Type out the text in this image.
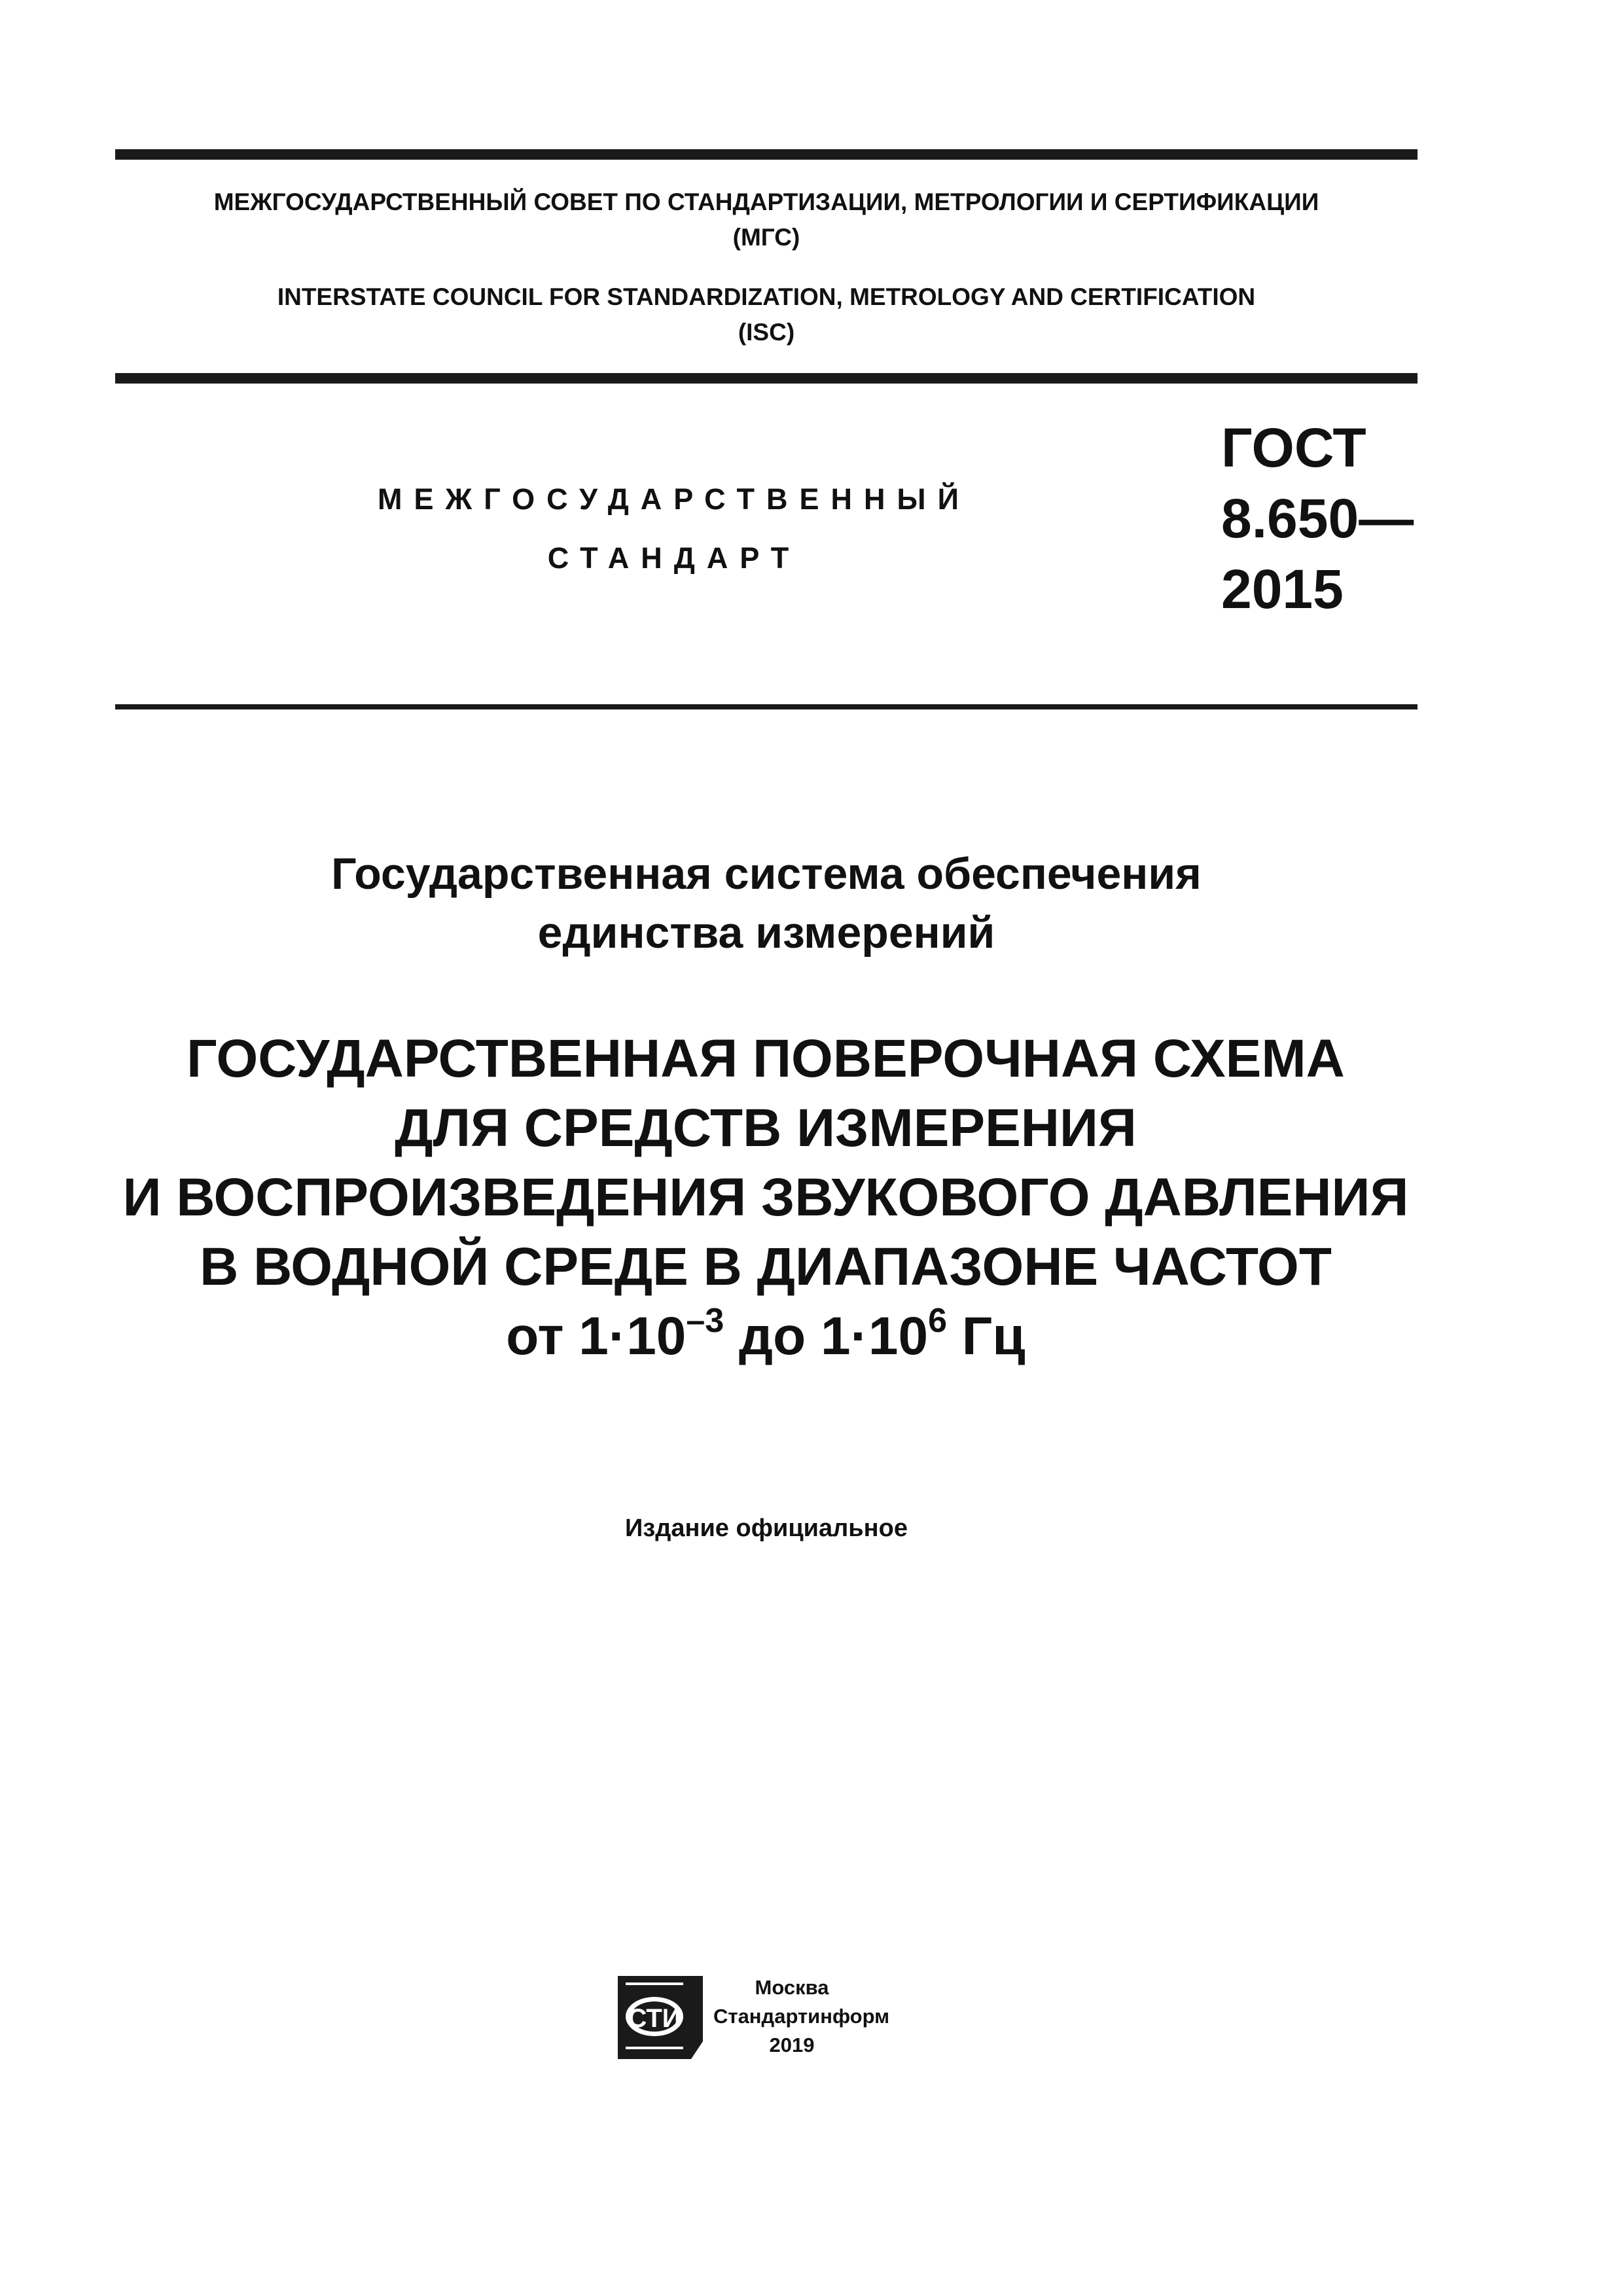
МЕЖГОСУДАРСТВЕННЫЙ СОВЕТ ПО СТАНДАРТИЗАЦИИ, МЕТРОЛОГИИ И СЕРТИФИКАЦИИ
(МГС)
INTERSTATE COUNCIL FOR STANDARDIZATION, METROLOGY AND CERTIFICATION
(ISC)
МЕЖГОСУДАРСТВЕННЫЙ
СТАНДАРТ
ГОСТ
8.650—
2015
Государственная система обеспечения
единства измерений
ГОСУДАРСТВЕННАЯ ПОВЕРОЧНАЯ СХЕМА
ДЛЯ СРЕДСТВ ИЗМЕРЕНИЯ
И ВОСПРОИЗВЕДЕНИЯ ЗВУКОВОГО ДАВЛЕНИЯ
В ВОДНОЙ СРЕДЕ В ДИАПАЗОНЕ ЧАСТОТ
от $1\cdot 10^{-3}$ до $1\cdot 10^6$ Гц
Издание официальное
СТИ
Москва
Стандартинформ
2019
